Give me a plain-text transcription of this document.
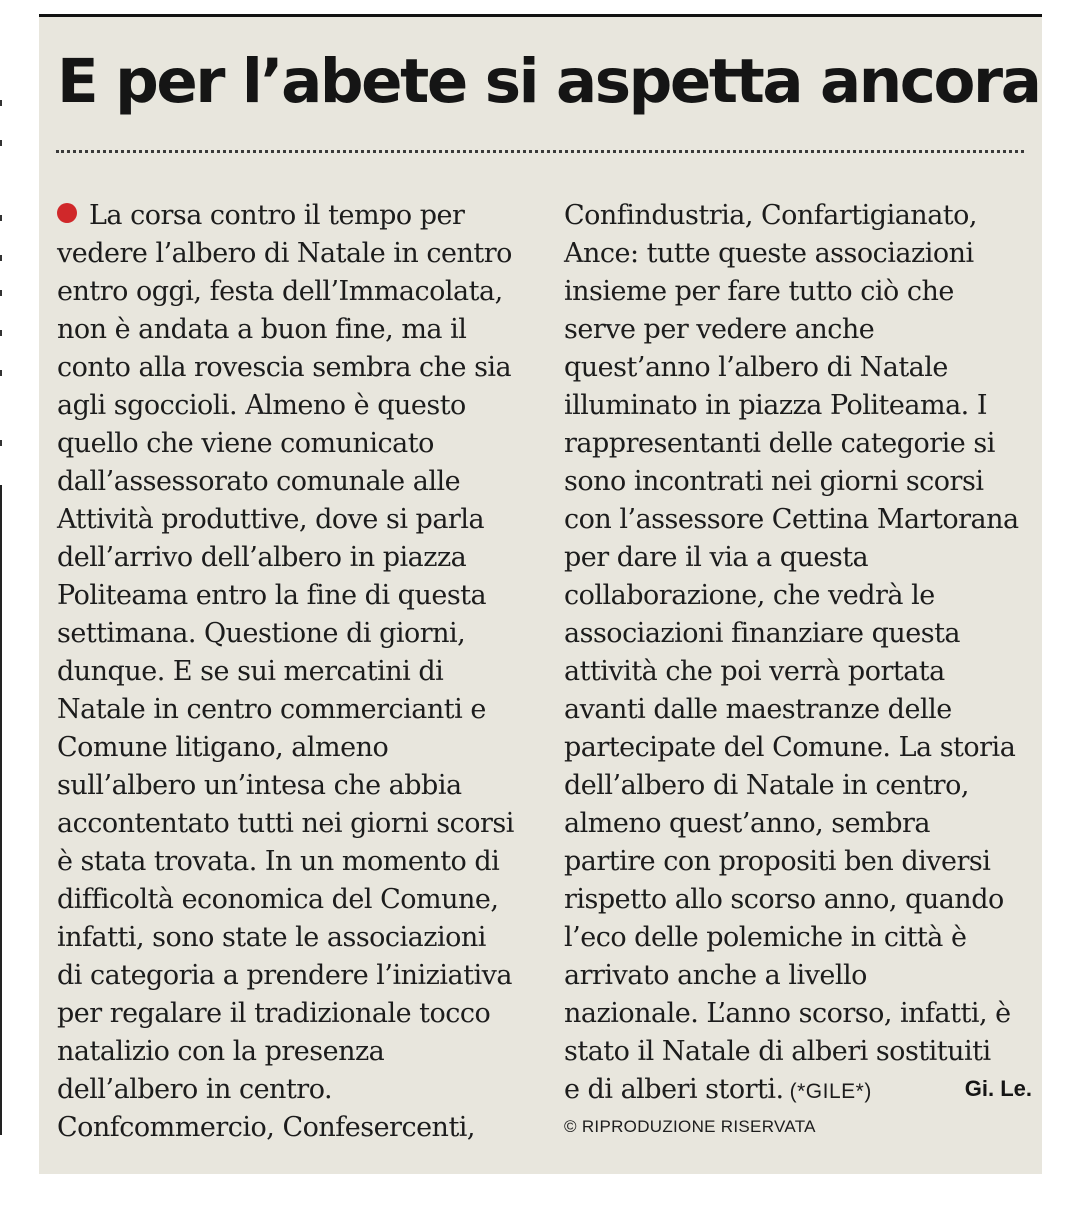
E per l’abete si aspetta ancora
La corsa contro il tempo per
vedere l’albero di Natale in centro
entro oggi, festa dell’Immacolata,
non è andata a buon fine, ma il
conto alla rovescia sembra che sia
agli sgoccioli. Almeno è questo
quello che viene comunicato
dall’assessorato comunale alle
Attività produttive, dove si parla
dell’arrivo dell’albero in piazza
Politeama entro la fine di questa
settimana. Questione di giorni,
dunque. E se sui mercatini di
Natale in centro commercianti e
Comune litigano, almeno
sull’albero un’intesa che abbia
accontentato tutti nei giorni scorsi
è stata trovata. In un momento di
difficoltà economica del Comune,
infatti, sono state le associazioni
di categoria a prendere l’iniziativa
per regalare il tradizionale tocco
natalizio con la presenza
dell’albero in centro.
Confcommercio, Confesercenti,
Confindustria, Confartigianato,
Ance: tutte queste associazioni
insieme per fare tutto ciò che
serve per vedere anche
quest’anno l’albero di Natale
illuminato in piazza Politeama. I
rappresentanti delle categorie si
sono incontrati nei giorni scorsi
con l’assessore Cettina Martorana
per dare il via a questa
collaborazione, che vedrà le
associazioni finanziare questa
attività che poi verrà portata
avanti dalle maestranze delle
partecipate del Comune. La storia
dell’albero di Natale in centro,
almeno quest’anno, sembra
partire con propositi ben diversi
rispetto allo scorso anno, quando
l’eco delle polemiche in città è
arrivato anche a livello
nazionale. L’anno scorso, infatti, è
stato il Natale di alberi sostituiti
e di alberi storti. (*GILE*)	Gi. Le.
© RIPRODUZIONE RISERVATA
